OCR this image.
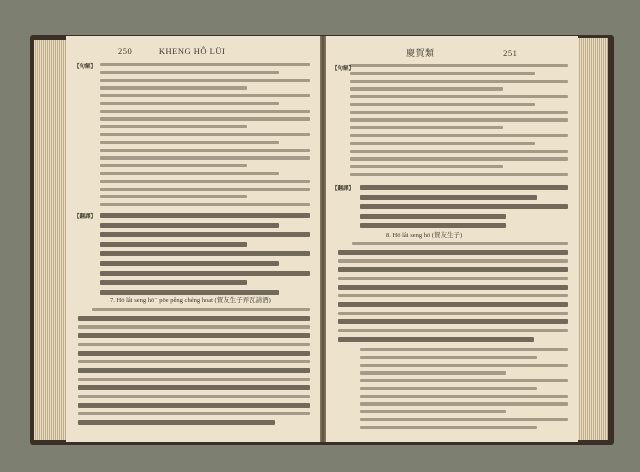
250	KHENG HÔ LÜI
【句解】
【翻譯】
7. Hō lâi seng hō⁻ pōe pêng chéng hoat (賀友生子弄瓦請酒)
慶賀類	251
【句解】
【翻譯】
8. Hō lâi seng hō (賀友生子)
